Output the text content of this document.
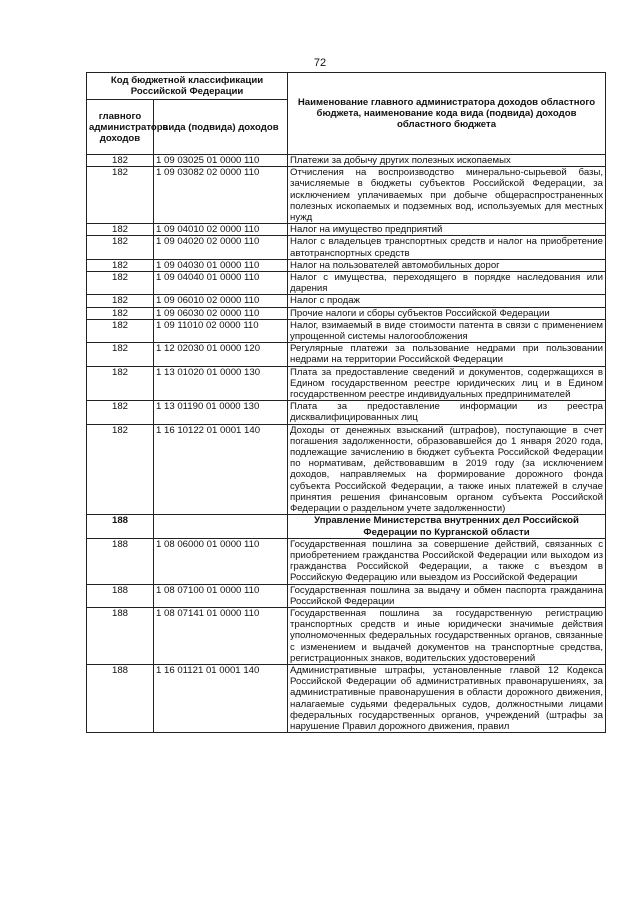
72
Код бюджетной классификации Российской Федерации		Наименование главного администратора доходов областного бюджета, наименование кода вида (подвида) доходов областного бюджета
главного администратора доходов	вида (подвида) доходов	
182	1 09 03025 01 0000 110	Платежи за добычу других полезных ископаемых
182	1 09 03082 02 0000 110	Отчисления на воспроизводство минерально-сырьевой базы, зачисляемые в бюджеты субъектов Российской Федерации, за исключением уплачиваемых при добыче общераспространенных полезных ископаемых и подземных вод, используемых для местных нужд
182	1 09 04010 02 0000 110	Налог на имущество предприятий
182	1 09 04020 02 0000 110	Налог с владельцев транспортных средств и налог на приобретение автотранспортных средств
182	1 09 04030 01 0000 110	Налог на пользователей автомобильных дорог
182	1 09 04040 01 0000 110	Налог с имущества, переходящего в порядке наследования или дарения
182	1 09 06010 02 0000 110	Налог с продаж
182	1 09 06030 02 0000 110	Прочие налоги и сборы субъектов Российской Федерации
182	1 09 11010 02 0000 110	Налог, взимаемый в виде стоимости патента в связи с применением упрощенной системы налогообложения
182	1 12 02030 01 0000 120	Регулярные платежи за пользование недрами при пользовании недрами на территории Российской Федерации
182	1 13 01020 01 0000 130	Плата за предоставление сведений и документов, содержащихся в Едином государственном реестре юридических лиц и в Едином государственном реестре индивидуальных предпринимателей
182	1 13 01190 01 0000 130	Плата за предоставление информации из реестра дисквалифицированных лиц
182	1 16 10122 01 0001 140	Доходы от денежных взысканий (штрафов), поступающие в счет погашения задолженности, образовавшейся до 1 января 2020 года, подлежащие зачислению в бюджет субъекта Российской Федерации по нормативам, действовавшим в 2019 году (за исключением доходов, направляемых на формирование дорожного фонда субъекта Российской Федерации, а также иных платежей в случае принятия решения финансовым органом субъекта Российской Федерации о раздельном учете задолженности)
188		Управление Министерства внутренних дел Российской Федерации по Курганской области
188	1 08 06000 01 0000 110	Государственная пошлина за совершение действий, связанных с приобретением гражданства Российской Федерации или выходом из гражданства Российской Федерации, а также с въездом в Российскую Федерацию или выездом из Российской Федерации
188	1 08 07100 01 0000 110	Государственная пошлина за выдачу и обмен паспорта гражданина Российской Федерации
188	1 08 07141 01 0000 110	Государственная пошлина за государственную регистрацию транспортных средств и иные юридически значимые действия уполномоченных федеральных государственных органов, связанные с изменением и выдачей документов на транспортные средства, регистрационных знаков, водительских удостоверений
188	1 16 01121 01 0001 140	Административные штрафы, установленные главой 12 Кодекса Российской Федерации об административных правонарушениях, за административные правонарушения в области дорожного движения, налагаемые судьями федеральных судов, должностными лицами федеральных государственных органов, учреждений (штрафы за нарушение Правил дорожного движения, правил
